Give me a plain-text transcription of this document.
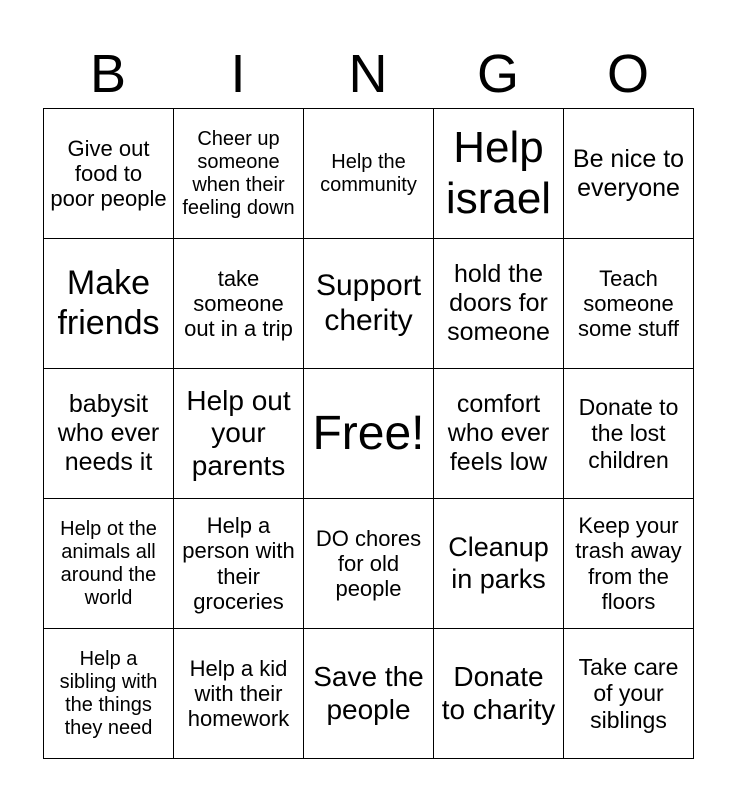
B	I	N	G	O
Give out food to poor people	Cheer up someone when their feeling down	Help the community	Help israel	Be nice to everyone
Make friends	take someone out in a trip	Support cherity	hold the doors for someone	Teach someone some stuff
babysit who ever needs it	Help out your parents	Free!	comfort who ever feels low	Donate to the lost children
Help ot the animals all around the world	Help a person with their groceries	DO chores for old people	Cleanup in parks	Keep your trash away from the floors
Help a sibling with the things they need	Help a kid with their homework	Save the people	Donate to charity	Take care of your siblings
